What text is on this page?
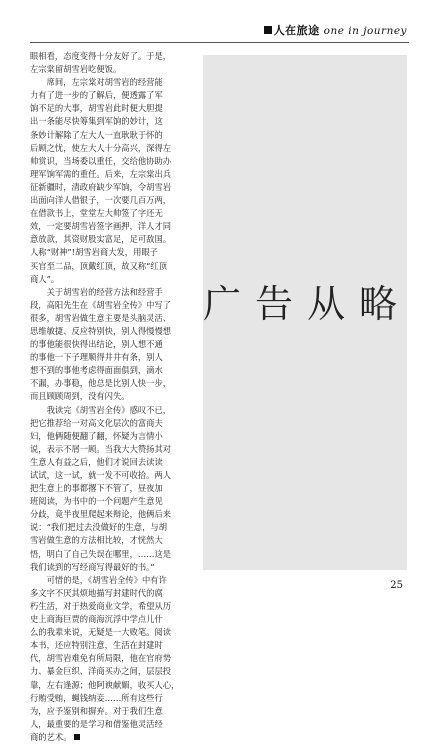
人在旅途 one in journey

眼相看，态度变得十分友好了。于是，

左宗棠留胡雪岩吃便饭。

　　席间，左宗棠对胡雪岩的经营能

力有了进一步的了解后，便透露了军

饷不足的大事，胡雪岩此时便大胆提

出一条能尽快筹集到军饷的妙计，这

条妙计解除了左大人一直耿耿于怀的

后顾之忧，使左大人十分高兴，深得左

帅赏识，当场委以重任，交给他协助办

理军饷军需的重任。后来，左宗棠出兵

征新疆时，清政府缺少军饷，令胡雪岩

出面向洋人借银子，一次要几百万两，

在借款书上，堂堂左大帅签了字还无

效，一定要胡雪岩签字画押，洋人才同

意放款，其资财股实富足，足可敌国。

人称“财神”!胡雪岩商大发，用眼子

买官至二品，顶戴红顶，故又称“红顶

商人”。

　　关于胡雪岩的经营方法和经营手

段，高阳先生在《胡雪岩全传》中写了

很多，胡雪岩做生意主要是头脑灵活、

思维敏捷、反应特别快，别人得慢慢想

的事他能很快得出结论，别人想不通

的事他一下子理顺得井井有条，别人

想不到的事他考虑得面面俱到，滴水

不漏，办事稳，他总是比别人快一步，

而且顾顾周到，没有闪失。

　　我读完《胡雪岩全传》感叹不已，

把它推荐给一对高文化层次的富商夫

妇，他俩随便翻了翻，怀疑为言情小

说，表示不屑一顾。当我大大赞扬其对

生意人有益之后，他们才说回去读读

试试，这一试，就一发不可收拾。两人

把生意上的事都撂下不管了，昼夜加

班阅读，为书中的一个问题产生意见

分歧，竟半夜里爬起来辩论，他俩后来

说：“我们把过去没做好的生意，与胡

雪岩做生意的方法相比较，才恍然大

悟，明白了自己失误在哪里，……这是

我们读到的写经商写得最好的书。”

　　可惜的是，《胡雪岩全传》中有许

多文字不厌其烦地描写封建时代的腐

朽生活，对于热爱商业文学，希望从历

史上商海巨贾的商海沉浮中学点儿什

么的我辈来说，无疑是一大败笔。阅读

本书，还应特别注意，生活在封建时

代，胡雪岩难免有所局限，他在官府势

力、暴金巨织、洋商买办之间，层层投

靠，左右逢源；他阿谀献媚，收买人心，

行贿受贿，蝇钱纳妾……所有这些行

为，应予鉴别和摒弃。对于我们生意

人，最重要的是学习和借鉴他灵活经

商的艺术。

广告从略
25
